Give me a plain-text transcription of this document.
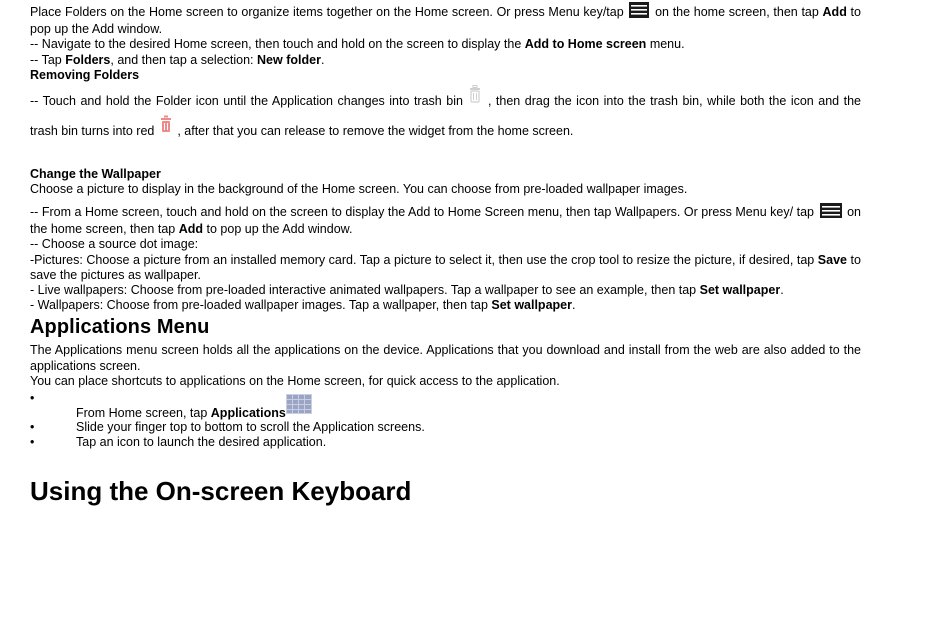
Place Folders on the Home screen to organize items together on the Home screen. Or press Menu key/tap	on the home screen, then tap Add to pop up the Add window.

-- Navigate to the desired Home screen, then touch and hold on the screen to display the Add to Home screen menu.

-- Tap Folders, and then tap a selection: New folder.

Removing Folders

-- Touch and hold the Folder icon until the Application changes into trash bin , then drag the icon into the trash bin, while both the icon and the trash bin turns into red , after that you can release to remove the widget from the home screen.

Change the Wallpaper

Choose a picture to display in the background of the Home screen. You can choose from pre-loaded wallpaper images.

-- From a Home screen, touch and hold on the screen to display the Add to Home Screen menu, then tap Wallpapers. Or press Menu key/ tap	on the home screen, then tap Add to pop up the Add window.

-- Choose a source dot image:

-Pictures: Choose a picture from an installed memory card. Tap a picture to select it, then use the crop tool to resize the picture, if desired, tap Save to save the pictures as wallpaper.

- Live wallpapers: Choose from pre-loaded interactive animated wallpapers. Tap a wallpaper to see an example, then tap Set wallpaper.

- Wallpapers: Choose from pre-loaded wallpaper images. Tap a wallpaper, then tap Set wallpaper.

Applications Menu

The Applications menu screen holds all the applications on the device. Applications that you download and install from the web are also added to the applications screen.

You can place shortcuts to applications on the Home screen, for quick access to the application.

•
From Home screen, tap Applications
•	Slide your finger top to bottom to scroll the Application screens.
•	Tap an icon to launch the desired application.
Using the On-screen Keyboard
